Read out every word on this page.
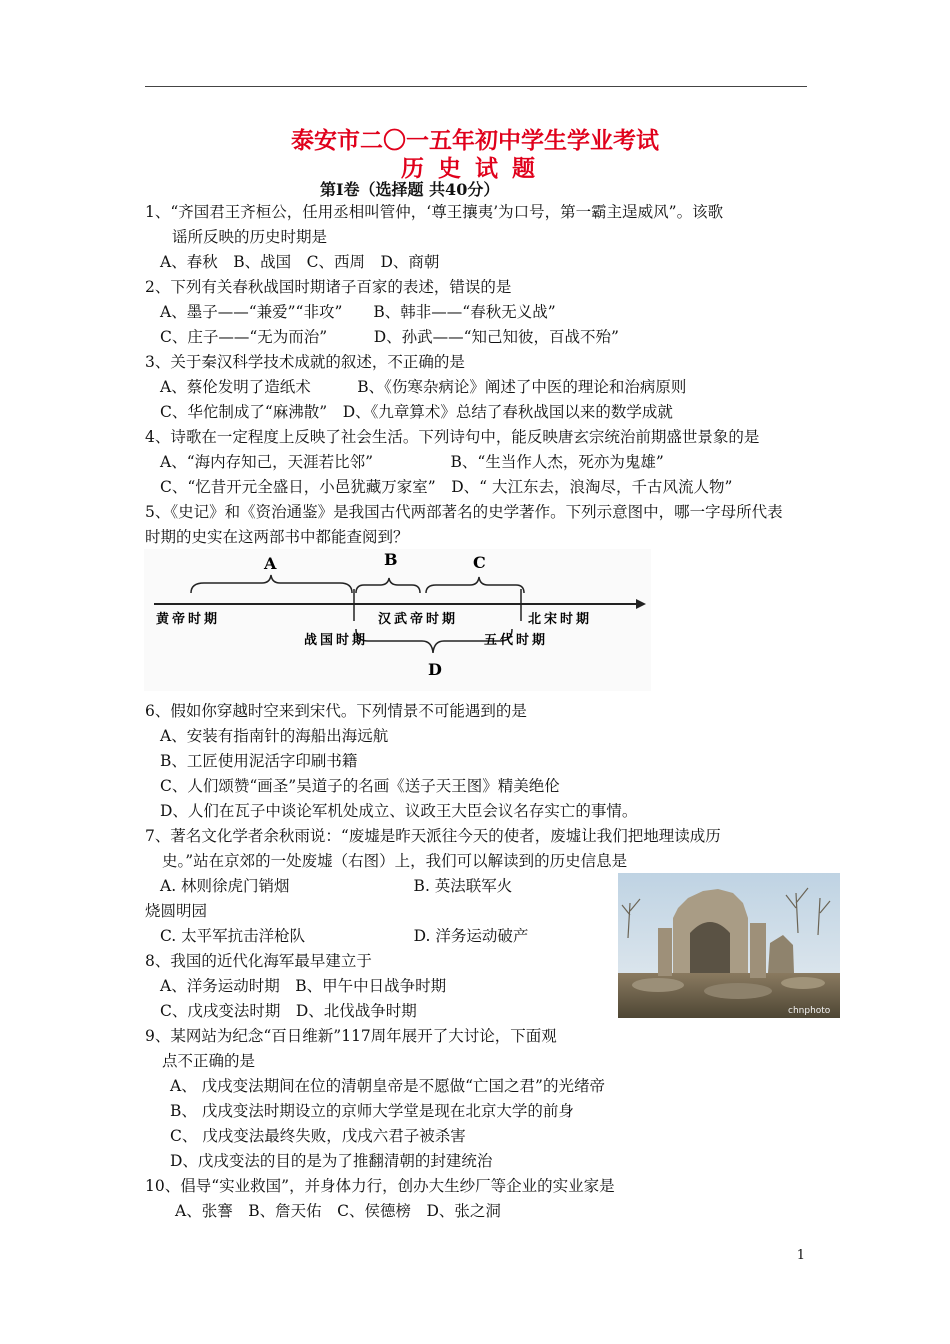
泰安市二〇一五年初中学生学业考试
历史试题
第Ⅰ卷（选择题 共40分）
1、“齐国君王齐桓公，任用丞相叫管仲，‘尊王攘夷’为口号，第一霸主逞威风”。该歌
谣所反映的历史时期是
A、春秋　B、战国　C、西周　D、商朝
2、下列有关春秋战国时期诸子百家的表述，错误的是
A、墨子——“兼爱”“非攻”　　B、韩非——“春秋无义战”
C、庄子——“无为而治”　　　D、孙武——“知己知彼，百战不殆”
3、关于秦汉科学技术成就的叙述，不正确的是
A、蔡伦发明了造纸术　　　B、《伤寒杂病论》阐述了中医的理论和治病原则
C、华佗制成了“麻沸散”　D、《九章算术》总结了春秋战国以来的数学成就
4、诗歌在一定程度上反映了社会生活。下列诗句中，能反映唐玄宗统治前期盛世景象的是
A、“海内存知己，天涯若比邻”　　　　　B、“生当作人杰，死亦为鬼雄”
C、“忆昔开元全盛日，小邑犹藏万家室”　D、“ 大江东去，浪淘尽，千古风流人物”
5、《史记》和《资治通鉴》是我国古代两部著名的史学著作。下列示意图中，哪一字母所代表
时期的史实在这两部书中都能查阅到？
6、假如你穿越时空来到宋代。下列情景不可能遇到的是
A、安装有指南针的海船出海远航
B、工匠使用泥活字印刷书籍
C、人们颂赞“画圣”吴道子的名画《送子天王图》精美绝伦
D、人们在瓦子中谈论军机处成立、议政王大臣会议名存实亡的事情。
7、著名文化学者余秋雨说：“废墟是昨天派往今天的使者，废墟让我们把地理读成历
史。”站在京郊的一处废墟（右图）上，我们可以解读到的历史信息是
A. 林则徐虎门销烟　　　　　　　　B. 英法联军火
烧圆明园
C. 太平军抗击洋枪队　　　　　　　D. 洋务运动破产
8、我国的近代化海军最早建立于
A、洋务运动时期　B、甲午中日战争时期
C、戊戌变法时期　D、北伐战争时期
9、某网站为纪念“百日维新”117周年展开了大讨论，下面观
点不正确的是
A、 戊戌变法期间在位的清朝皇帝是不愿做“亡国之君”的光绪帝
B、 戊戌变法时期设立的京师大学堂是现在北京大学的前身
C、 戊戌变法最终失败，戊戌六君子被杀害
D、戊戌变法的目的是为了推翻清朝的封建统治
10、倡导“实业救国”，并身体力行，创办大生纱厂等企业的实业家是
A、张謇　B、詹天佑　C、侯德榜　D、张之洞
A	B	C
D
黄帝时期	汉武帝时期	北宋时期
战国时期	五代时期
chnphoto
1
